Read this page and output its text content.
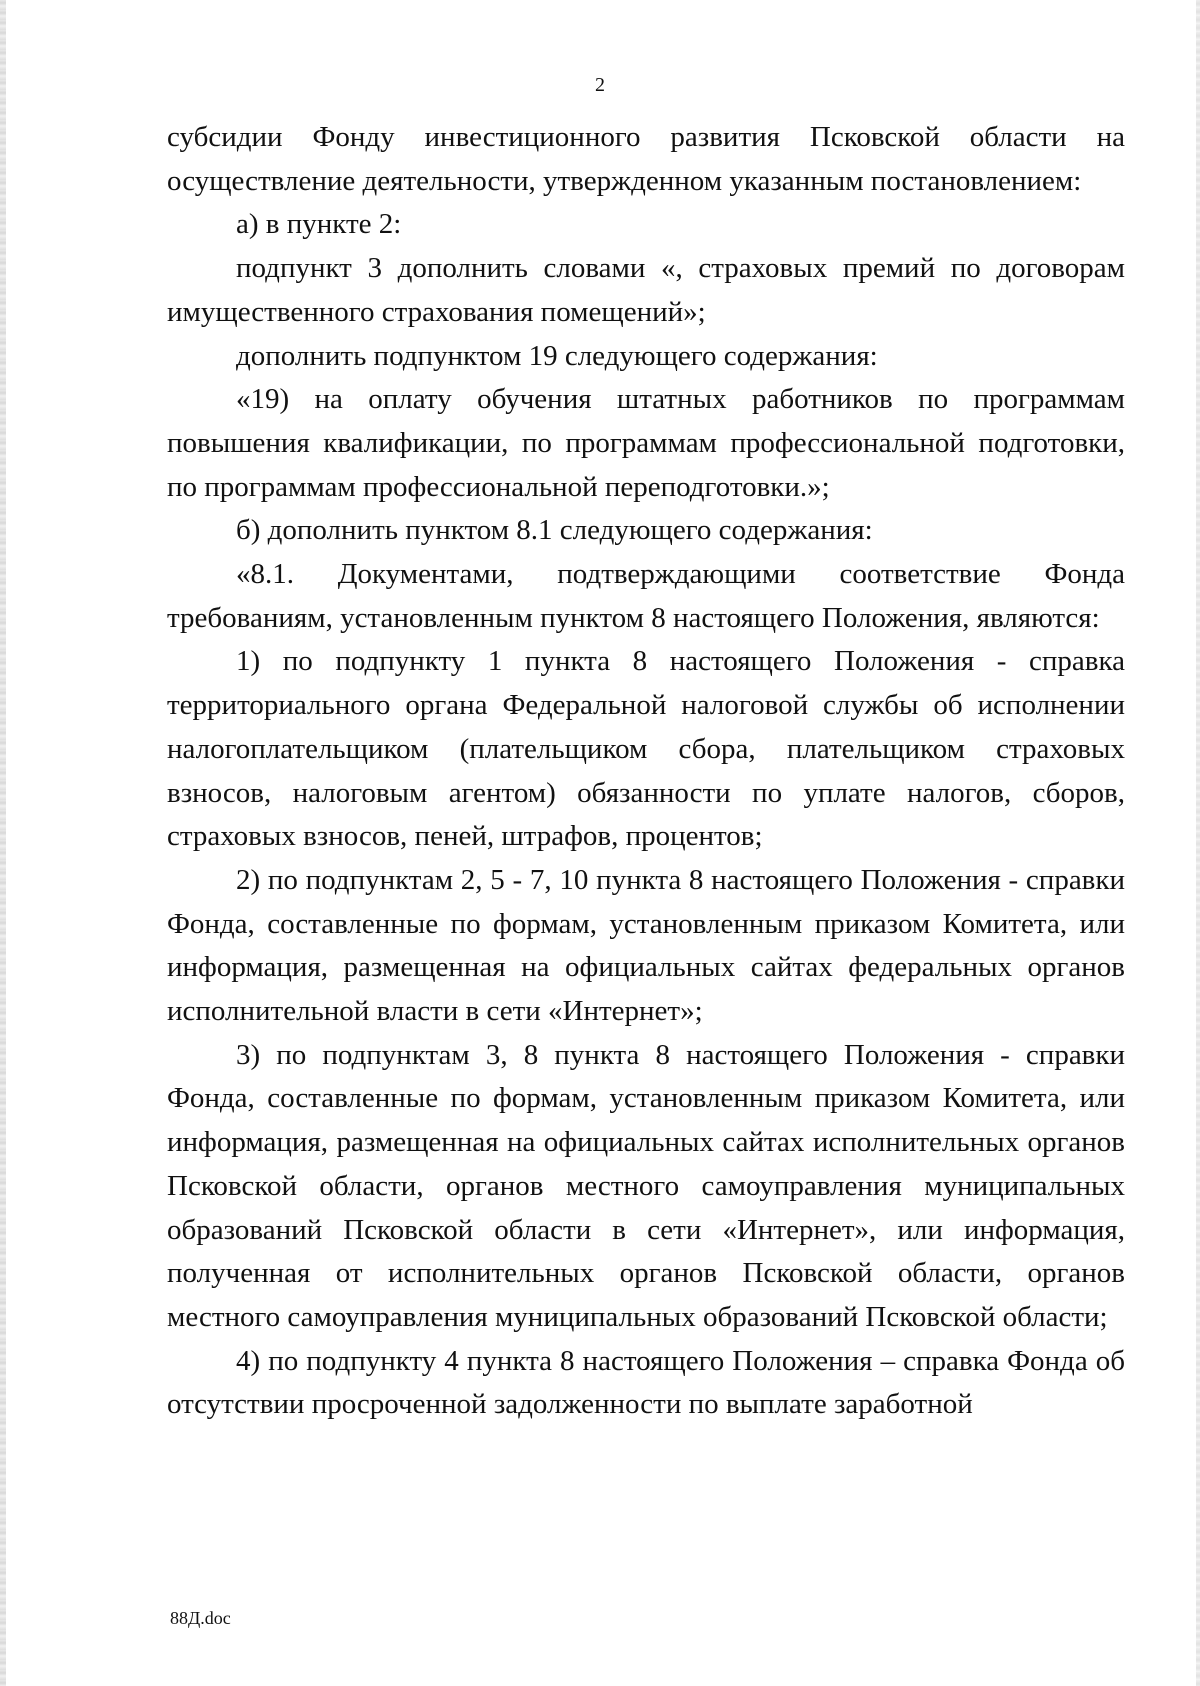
2

субсидии Фонду инвестиционного развития Псковской области на осуществление деятельности, утвержденном указанным постановлением:

а) в пункте 2:

подпункт 3 дополнить словами «, страховых премий по договорам имущественного страхования помещений»;

дополнить подпунктом 19 следующего содержания:

«19) на оплату обучения штатных работников по программам повышения квалификации, по программам профессиональной подготовки, по программам профессиональной переподготовки.»;

б) дополнить пунктом 8.1 следующего содержания:

«8.1. Документами, подтверждающими соответствие Фонда требованиям, установленным пунктом 8 настоящего Положения, являются:

1) по подпункту 1 пункта 8 настоящего Положения - справка территориального органа Федеральной налоговой службы об исполнении налогоплательщиком (плательщиком сбора, плательщиком страховых взносов, налоговым агентом) обязанности по уплате налогов, сборов, страховых взносов, пеней, штрафов, процентов;

2) по подпунктам 2, 5 - 7, 10 пункта 8 настоящего Положения - справки Фонда, составленные по формам, установленным приказом Комитета, или информация, размещенная на официальных сайтах федеральных органов исполнительной власти в сети «Интернет»;

3) по подпунктам 3, 8 пункта 8 настоящего Положения - справки Фонда, составленные по формам, установленным приказом Комитета, или информация, размещенная на официальных сайтах исполнительных органов Псковской области, органов местного самоуправления муниципальных образований Псковской области в сети «Интернет», или информация, полученная от исполнительных органов Псковской области, органов местного самоуправления муниципальных образований Псковской области;

4) по подпункту 4 пункта 8 настоящего Положения – справка Фонда об отсутствии просроченной задолженности по выплате заработной

88Д.doc
